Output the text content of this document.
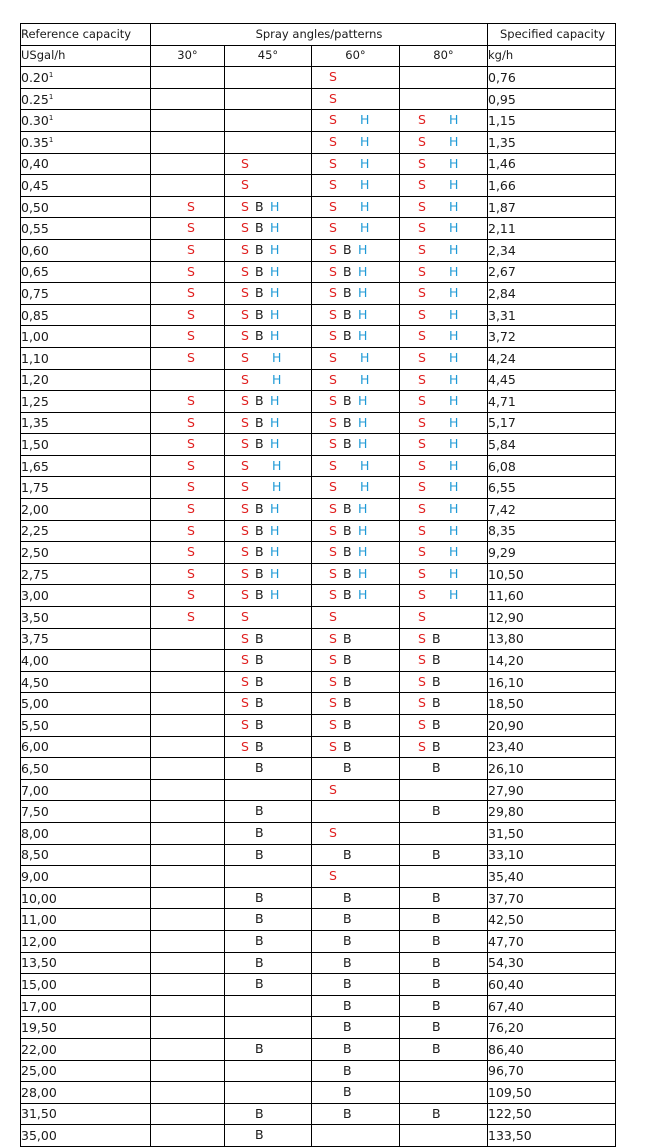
Reference capacity	Spray angles/patterns				Specified capacity
USgal/h	30°	45°	60°	80°	kg/h
0.20$^1$			S		0,76
0.25$^1$			S		0,95
0.30$^1$			S H	S H	1,15
0.35$^1$			S H	S H	1,35
0,40		S	S H	S H	1,46
0,45		S	S H	S H	1,66
0,50	S	S B H	S H	S H	1,87
0,55	S	S B H	S H	S H	2,11
0,60	S	S B H	S B H	S H	2,34
0,65	S	S B H	S B H	S H	2,67
0,75	S	S B H	S B H	S H	2,84
0,85	S	S B H	S B H	S H	3,31
1,00	S	S B H	S B H	S H	3,72
1,10	S	S H	S H	S H	4,24
1,20		S H	S H	S H	4,45
1,25	S	S B H	S B H	S H	4,71
1,35	S	S B H	S B H	S H	5,17
1,50	S	S B H	S B H	S H	5,84
1,65	S	S H	S H	S H	6,08
1,75	S	S H	S H	S H	6,55
2,00	S	S B H	S B H	S H	7,42
2,25	S	S B H	S B H	S H	8,35
2,50	S	S B H	S B H	S H	9,29
2,75	S	S B H	S B H	S H	10,50
3,00	S	S B H	S B H	S H	11,60
3,50	S	S	S	S	12,90
3,75		S B	S B	S B	13,80
4,00		S B	S B	S B	14,20
4,50		S B	S B	S B	16,10
5,00		S B	S B	S B	18,50
5,50		S B	S B	S B	20,90
6,00		S B	S B	S B	23,40
6,50		B	B	B	26,10
7,00			S		27,90
7,50		B		B	29,80
8,00		B	S		31,50
8,50		B	B	B	33,10
9,00			S		35,40
10,00		B	B	B	37,70
11,00		B	B	B	42,50
12,00		B	B	B	47,70
13,50		B	B	B	54,30
15,00		B	B	B	60,40
17,00			B	B	67,40
19,50			B	B	76,20
22,00		B	B	B	86,40
25,00			B		96,70
28,00			B		109,50
31,50		B	B	B	122,50
35,00		B			133,50
